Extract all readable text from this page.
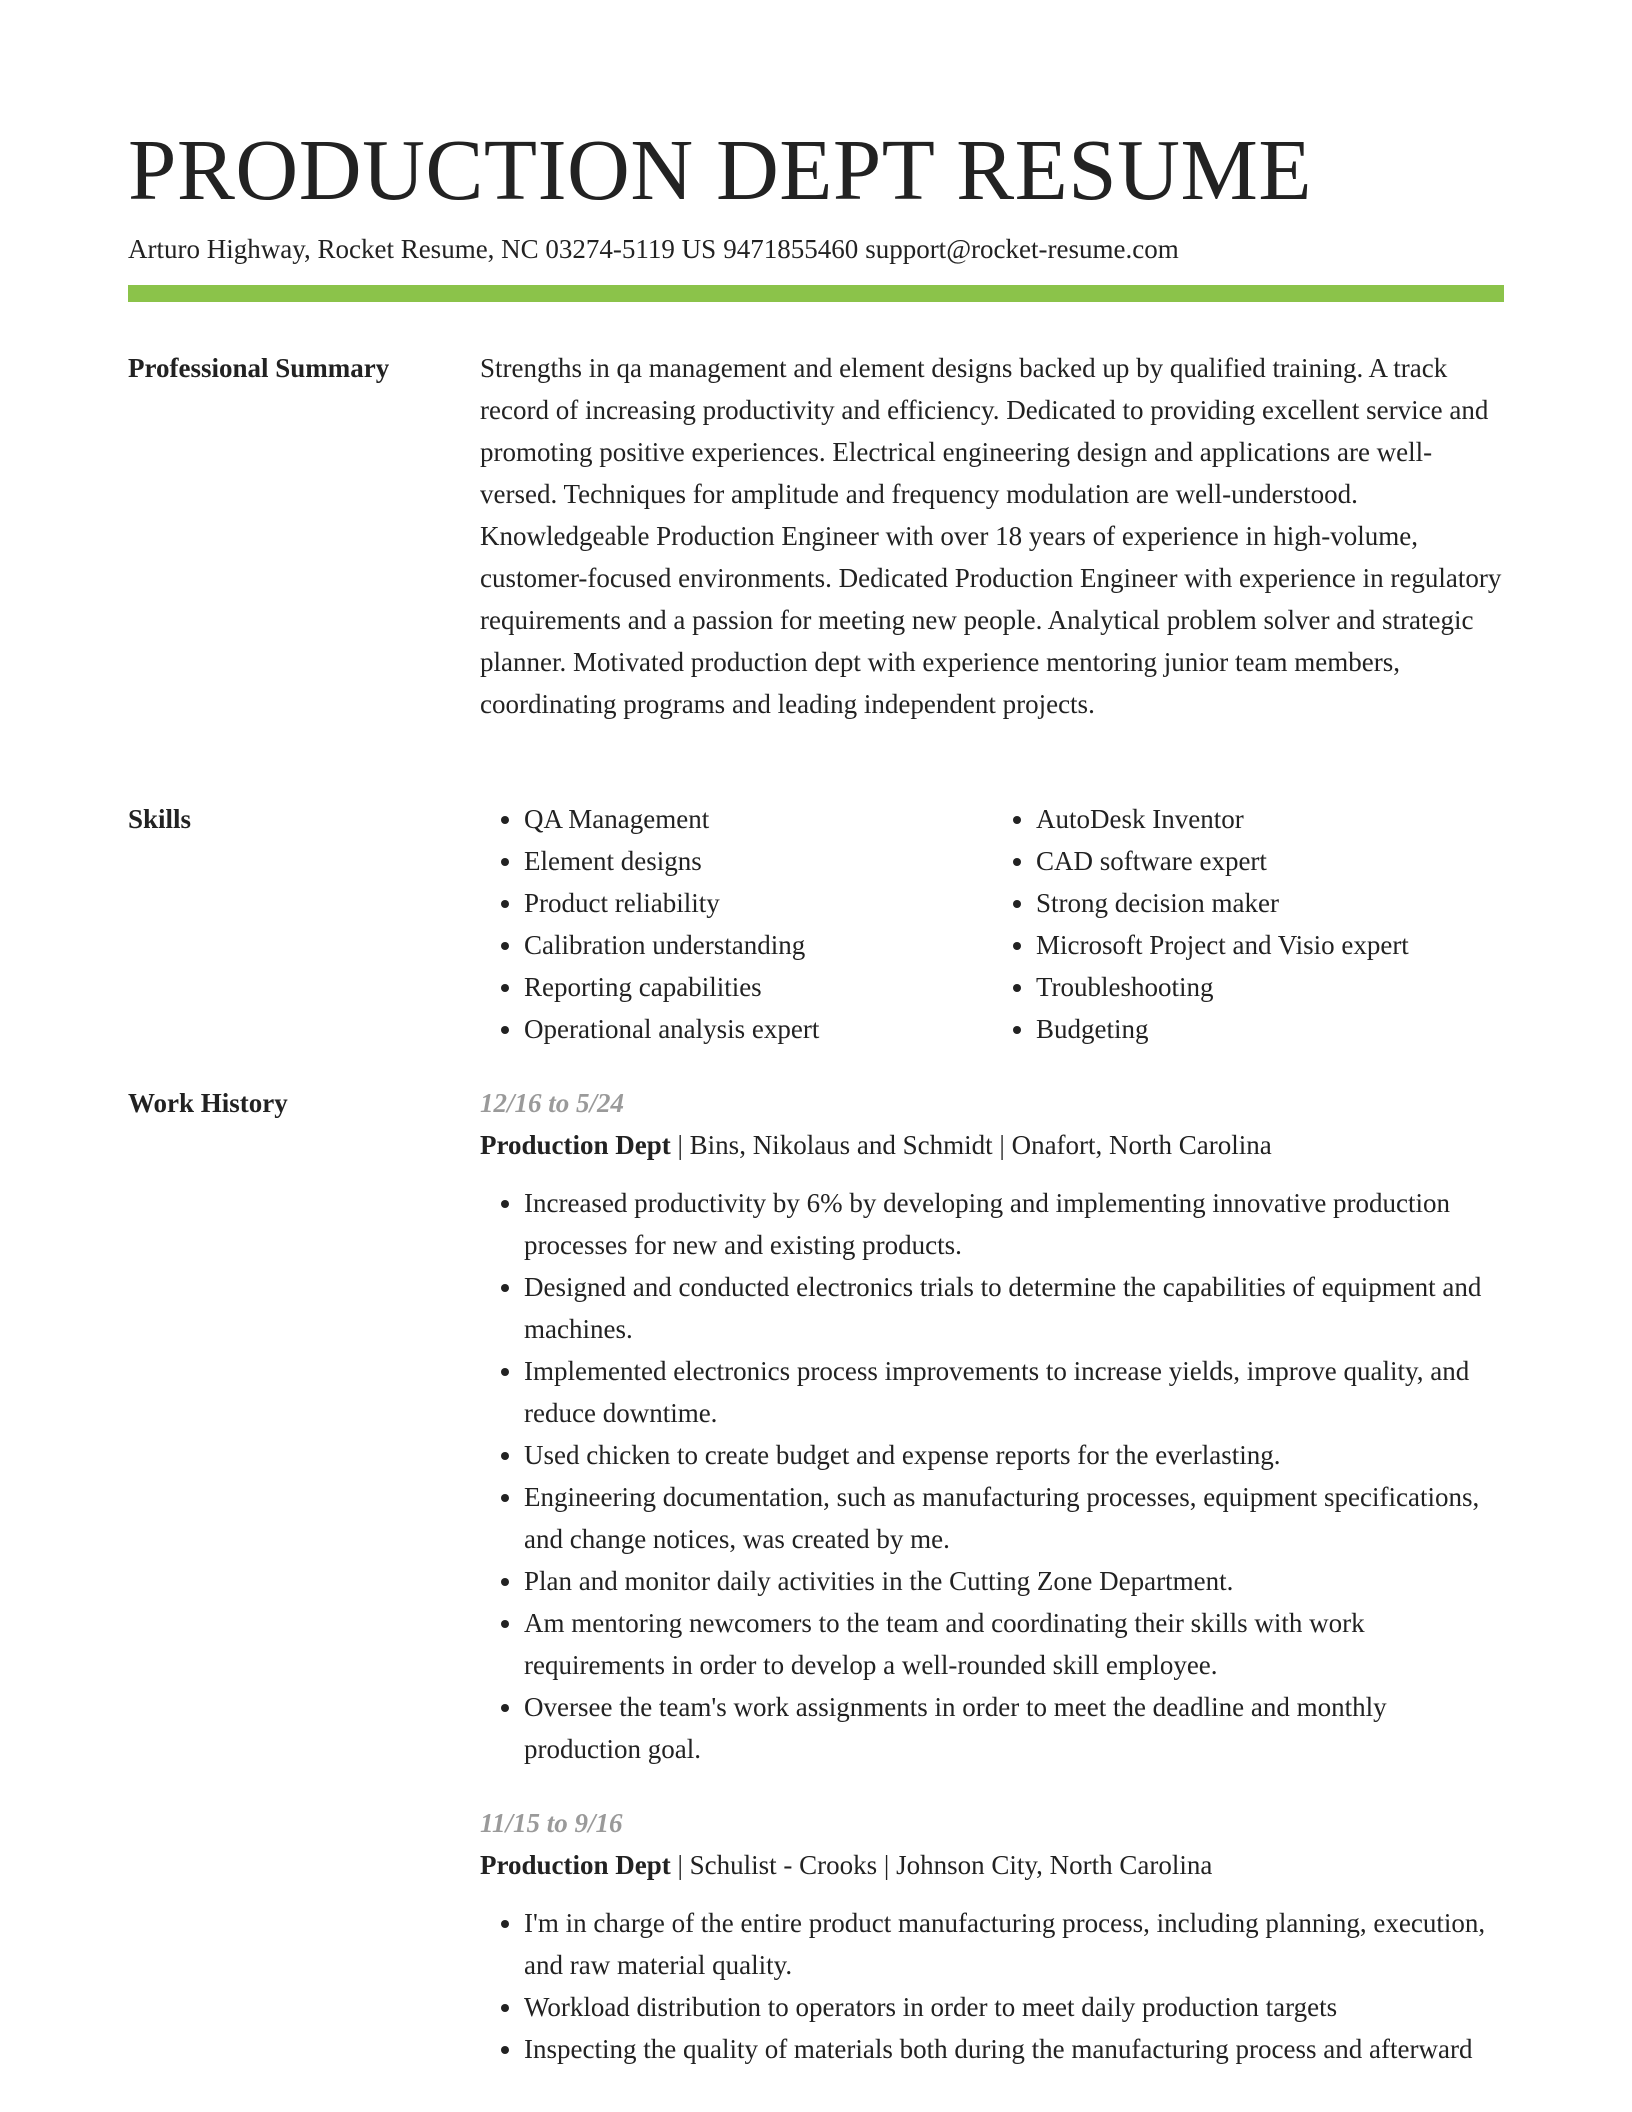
PRODUCTION DEPT RESUME
Arturo Highway, Rocket Resume, NC 03274-5119 US 9471855460 support@rocket-resume.com
Professional Summary	Strengths in qa management and element designs backed up by qualified training. A track record of increasing productivity and efficiency. Dedicated to providing excellent service and promoting positive experiences. Electrical engineering design and applications are well-versed. Techniques for amplitude and frequency modulation are well-understood. Knowledgeable Production Engineer with over 18 years of experience in high-volume, customer-focused environments. Dedicated Production Engineer with experience in regulatory requirements and a passion for meeting new people. Analytical problem solver and strategic planner. Motivated production dept with experience mentoring junior team members, coordinating programs and leading independent projects.

Skills
•	QA Management
• Element designs
• Product reliability
• Calibration understanding
• Reporting capabilities
• Operational analysis expert
• AutoDesk Inventor
• CAD software expert
• Strong decision maker
• Microsoft Project and Visio expert
• Troubleshooting
• Budgeting
Work History	12/16 to 5/24
Production Dept | Bins, Nikolaus and Schmidt | Onafort, North Carolina
• Increased productivity by 6% by developing and implementing innovative production processes for new and existing products.
• Designed and conducted electronics trials to determine the capabilities of equipment and machines.
• Implemented electronics process improvements to increase yields, improve quality, and reduce downtime.
• Used chicken to create budget and expense reports for the everlasting.
• Engineering documentation, such as manufacturing processes, equipment specifications, and change notices, was created by me.
• Plan and monitor daily activities in the Cutting Zone Department.
• Am mentoring newcomers to the team and coordinating their skills with work requirements in order to develop a well-rounded skill employee.
• Oversee the team's work assignments in order to meet the deadline and monthly production goal.
11/15 to 9/16
Production Dept | Schulist - Crooks | Johnson City, North Carolina
• I'm in charge of the entire product manufacturing process, including planning, execution, and raw material quality.
• Workload distribution to operators in order to meet daily production targets
• Inspecting the quality of materials both during the manufacturing process and afterward
